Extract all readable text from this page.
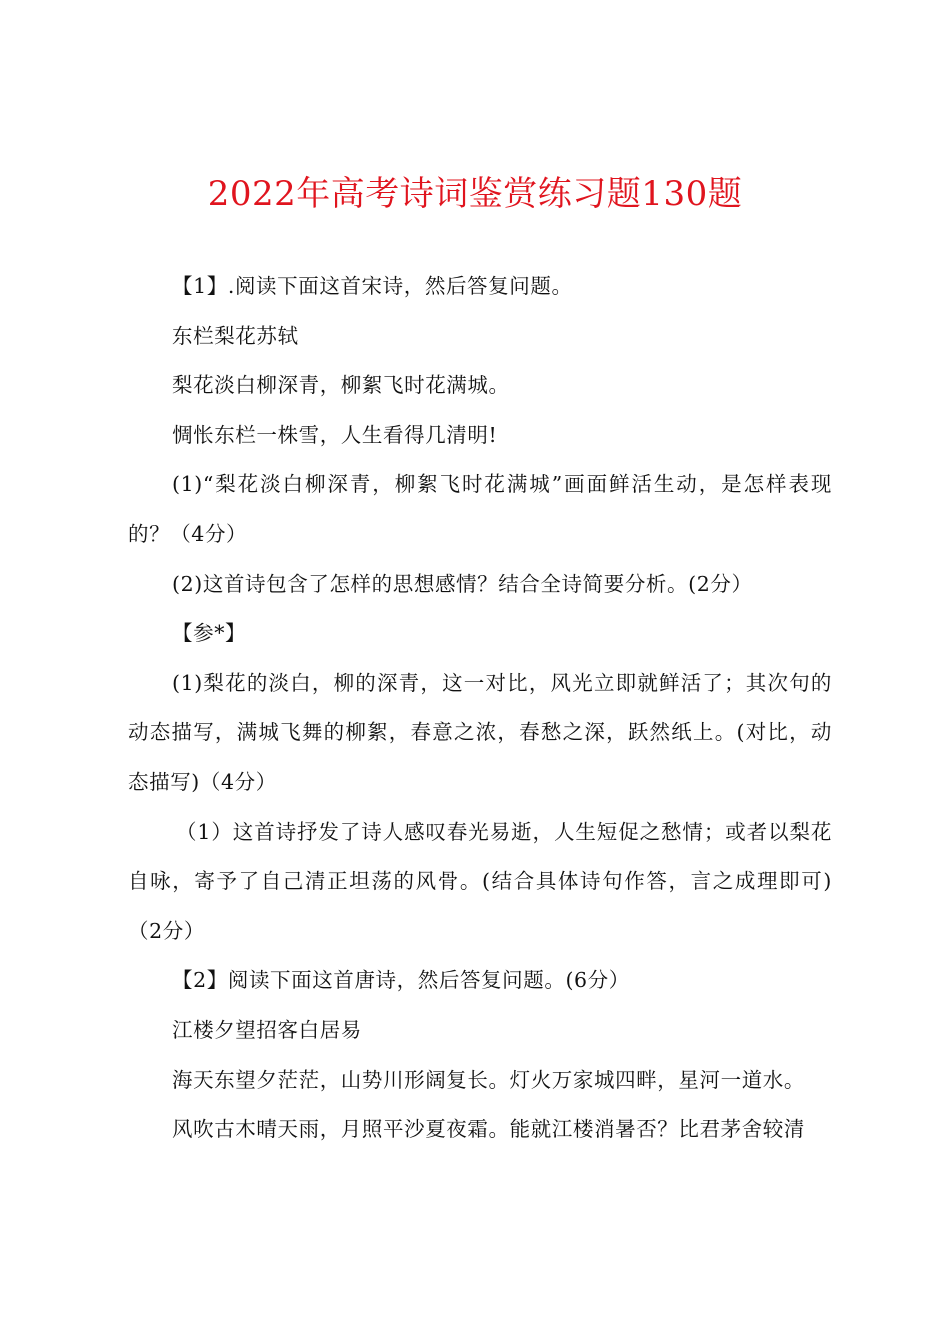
2022年高考诗词鉴赏练习题130题

【1】.阅读下面这首宋诗，然后答复问题。

东栏梨花苏轼

梨花淡白柳深青，柳絮飞时花满城。

惆怅东栏一株雪，人生看得几清明!

(1)“梨花淡白柳深青，柳絮飞时花满城”画面鲜活生动，是怎样表现的？（4分）

(2)这首诗包含了怎样的思想感情？结合全诗简要分析。(2分）

【参*】

(1)梨花的淡白，柳的深青，这一对比，风光立即就鲜活了；其次句的动态描写，满城飞舞的柳絮，春意之浓，春愁之深，跃然纸上。(对比，动态描写)（4分）

（1）这首诗抒发了诗人感叹春光易逝，人生短促之愁情；或者以梨花自咏，寄予了自己清正坦荡的风骨。(结合具体诗句作答，言之成理即可)（2分）

【2】阅读下面这首唐诗，然后答复问题。(6分）

江楼夕望招客白居易

海天东望夕茫茫，山势川形阔复长。灯火万家城四畔，星河一道水。

风吹古木晴天雨，月照平沙夏夜霜。能就江楼消暑否？比君茅舍较清
